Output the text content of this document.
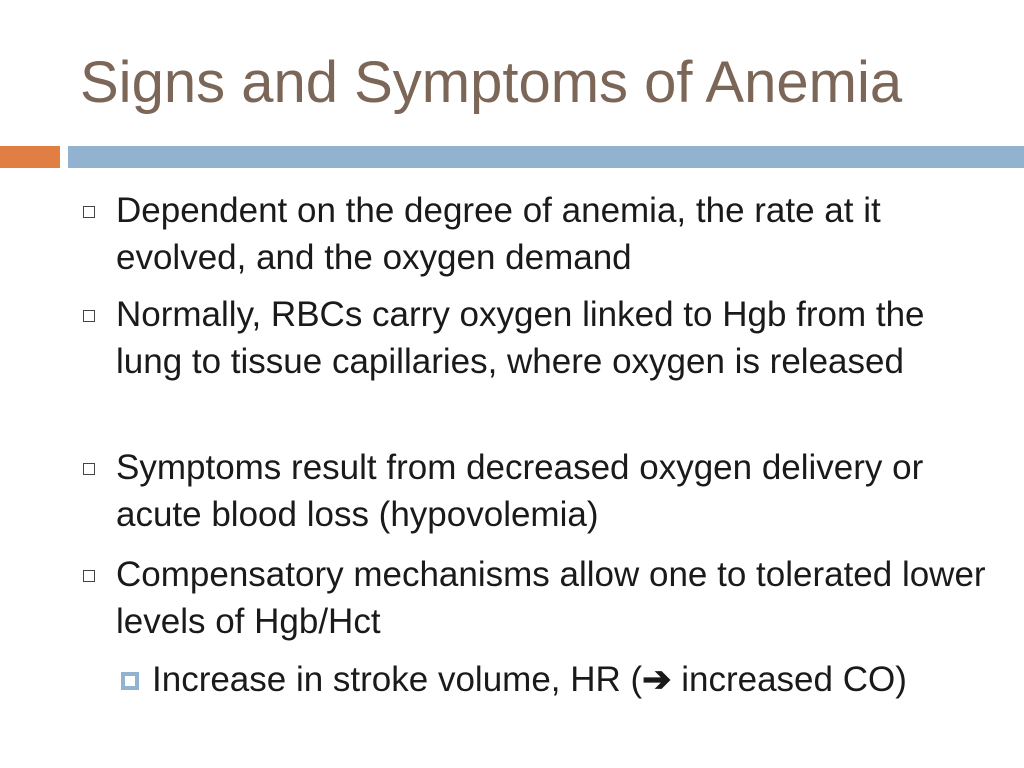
Signs and Symptoms of Anemia
Dependent on the degree of anemia, the rate at it evolved, and the oxygen demand
Normally, RBCs carry oxygen linked to Hgb from the lung to tissue capillaries, where oxygen is released
Symptoms result from decreased oxygen delivery or acute blood loss (hypovolemia)
Compensatory mechanisms allow one to tolerated lower levels of Hgb/Hct
Increase in stroke volume, HR (➔ increased CO)
